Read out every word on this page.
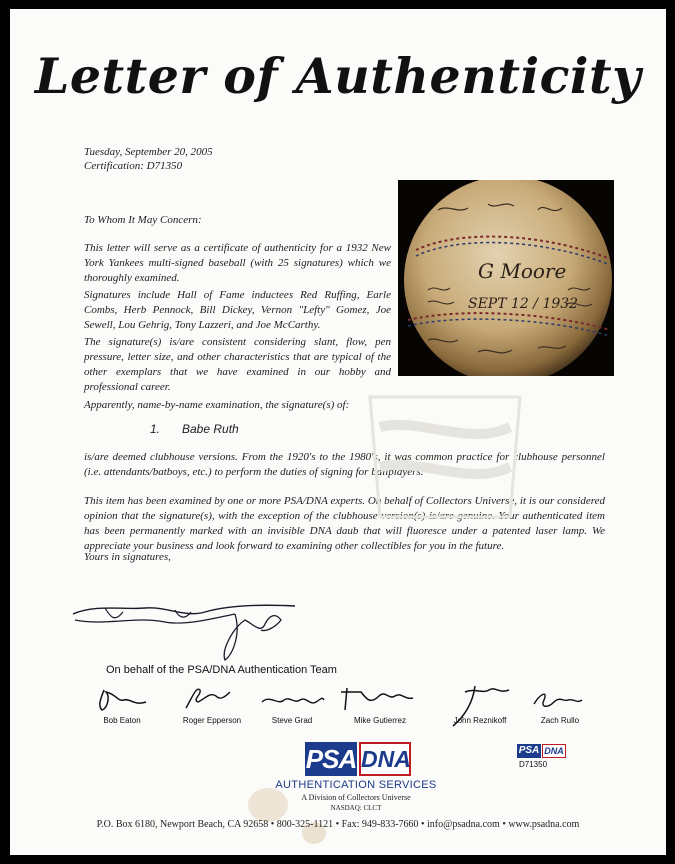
Letter of Authenticity
Tuesday, September 20, 2005
Certification: D71350
To Whom It May Concern:

This letter will serve as a certificate of authenticity for a 1932 New York Yankees multi-signed baseball (with 25 signatures) which we thoroughly examined.

Signatures include Hall of Fame inductees Red Ruffing, Earle Combs, Herb Pennock, Bill Dickey, Vernon "Lefty" Gomez, Joe Sewell, Lou Gehrig, Tony Lazzeri, and Joe McCarthy.

The signature(s) is/are consistent considering slant, flow, pen pressure, letter size, and other characteristics that are typical of the other exemplars that we have examined in our hobby and professional career.

Apparently, name-by-name examination, the signature(s) of:

1. Babe Ruth

is/are deemed clubhouse versions. From the 1920's to the 1980's, it was common practice for clubhouse personnel (i.e. attendants/batboys, etc.) to perform the duties of signing for ballplayers.

This item has been examined by one or more PSA/DNA experts. On behalf of Collectors Universe, it is our considered opinion that the signature(s), with the exception of the clubhouse version(s) is/are genuine. Your authenticated item has been permanently marked with an invisible DNA daub that will fluoresce under a patented laser lamp. We appreciate your business and look forward to examining other collectibles for you in the future.

Yours in signatures,
G Moore
SEPT 12 / 1932
On behalf of the PSA/DNA Authentication Team
Bob Eaton	Roger Epperson	Steve Grad	Mike Gutierrez	John Reznikoff	Zach Rullo
PSA DNA
AUTHENTICATION SERVICES
A Division of Collectors Universe
NASDAQ: CLCT
PSA DNA
D71350
P.O. Box 6180, Newport Beach, CA 92658 • 800-325-1121 • Fax: 949-833-7660 • info@psadna.com • www.psadna.com
